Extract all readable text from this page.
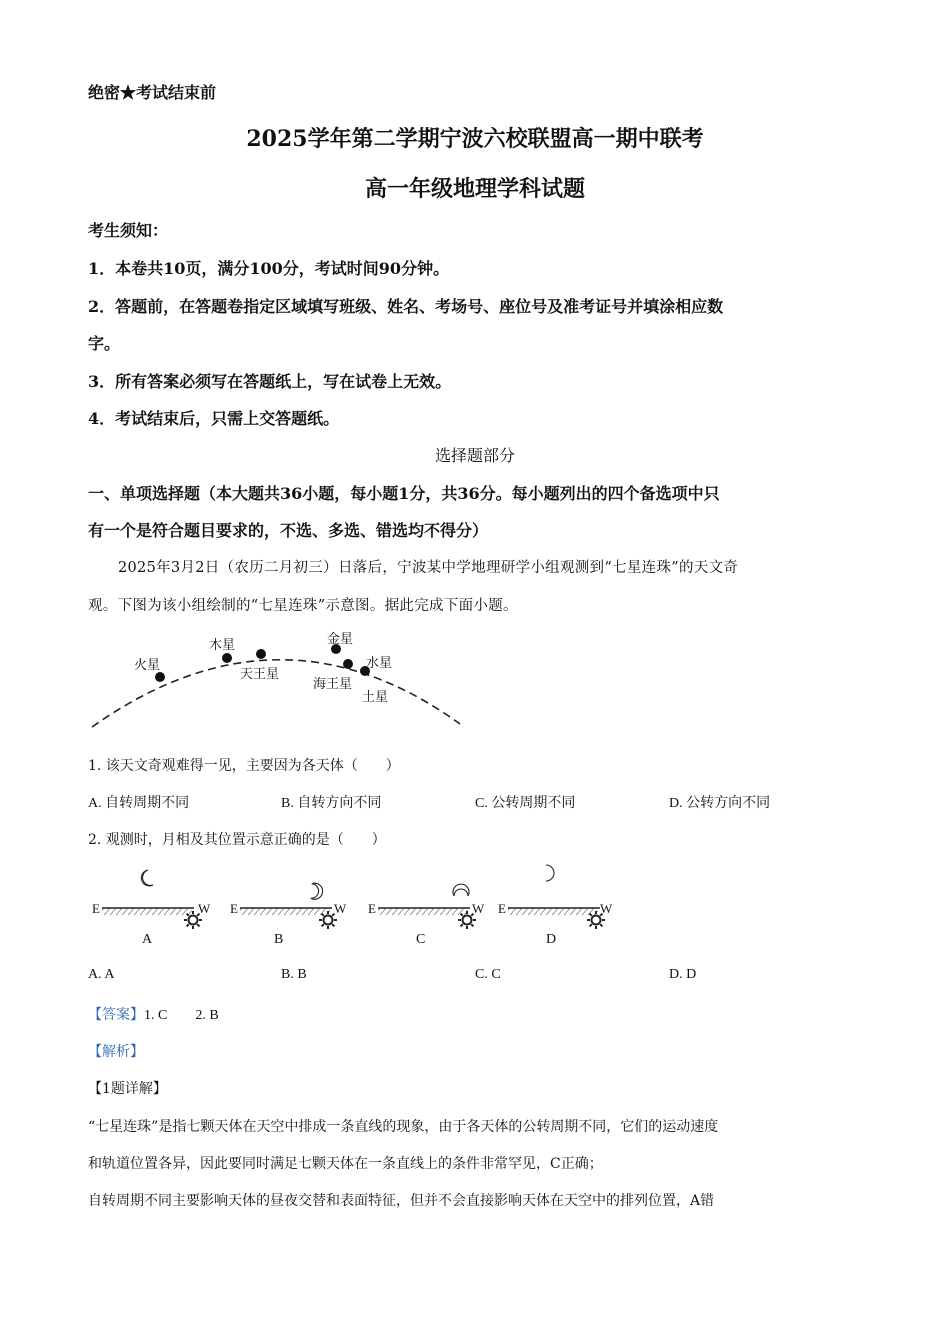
绝密★考试结束前
2025学年第二学期宁波六校联盟高一期中联考
高一年级地理学科试题
考生须知：
1．本卷共10页，满分100分，考试时间90分钟。
2．答题前，在答题卷指定区域填写班级、姓名、考场号、座位号及准考证号并填涂相应数
字。
3．所有答案必须写在答题纸上，写在试卷上无效。
4．考试结束后，只需上交答题纸。
选择题部分
一、单项选择题（本大题共36小题，每小题1分，共36分。每小题列出的四个备选项中只
有一个是符合题目要求的，不选、多选、错选均不得分）
2025年3月2日（农历二月初三）日落后，宁波某中学地理研学小组观测到“七星连珠”的天文奇
观。下图为该小组绘制的“七星连珠”示意图。据此完成下面小题。
火星
木星
天王星
金星
水星
海王星
土星
1. 该天文奇观难得一见，主要因为各天体（　　）
A. 自转周期不同	B. 自转方向不同	C. 公转周期不同	D. 公转方向不同
2. 观测时，月相及其位置示意正确的是（　　）
E	W
A
E	W
B
E	W
C
E	W
D
A. A	B. B	C. C	D. D
【答案】1. C　　2. B
【解析】
【1题详解】
“七星连珠”是指七颗天体在天空中排成一条直线的现象，由于各天体的公转周期不同，它们的运动速度
和轨道位置各异，因此要同时满足七颗天体在一条直线上的条件非常罕见，C正确；
自转周期不同主要影响天体的昼夜交替和表面特征，但并不会直接影响天体在天空中的排列位置，A错
